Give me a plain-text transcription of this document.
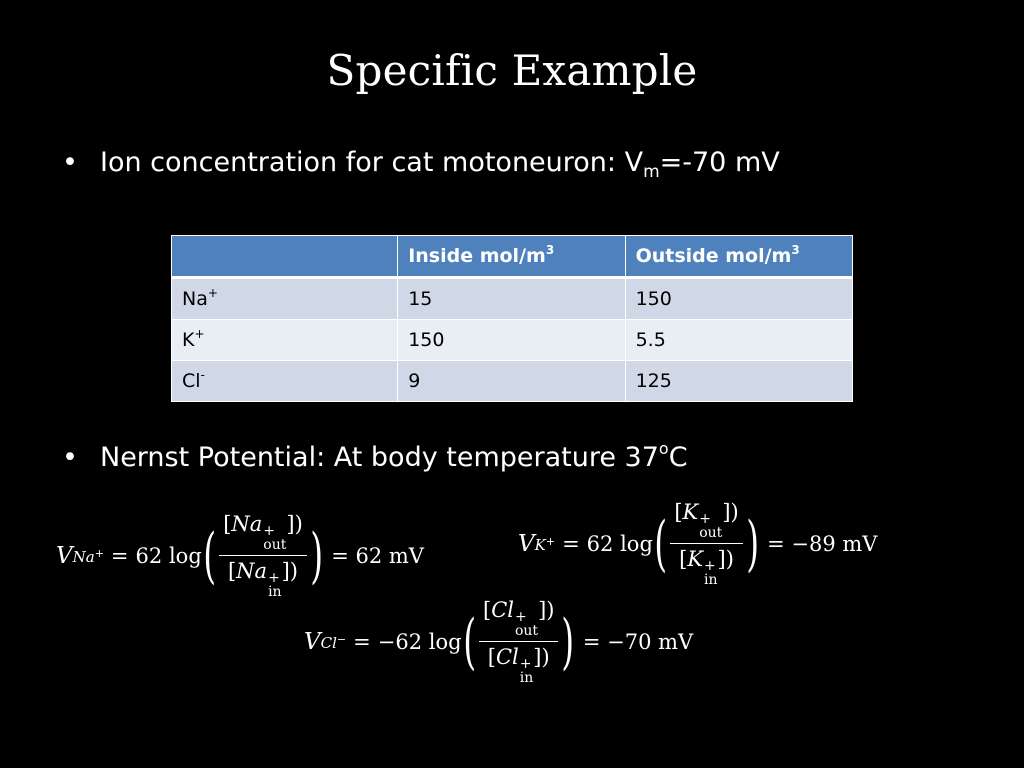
Specific Example
• Ion concentration for cat motoneuron: $V_m=-70$ mV
	Inside mol/$m^3$	Outside mol/$m^3$
Na+	15	150
K+	150	5.5
Cl-	9	125
• Nernst Potential: At body temperature 37$^o$C
V Na+ = 62
log ( [Na +
out
])
[Na +
in
]) ) = 62 mV	V K+ = 62
log ( [K +
out
])
[K +
in
]) ) = −89 mV
V Cl− = −62
log ( [Cl +
out
])
[Cl +
in
]) ) = −70 mV
